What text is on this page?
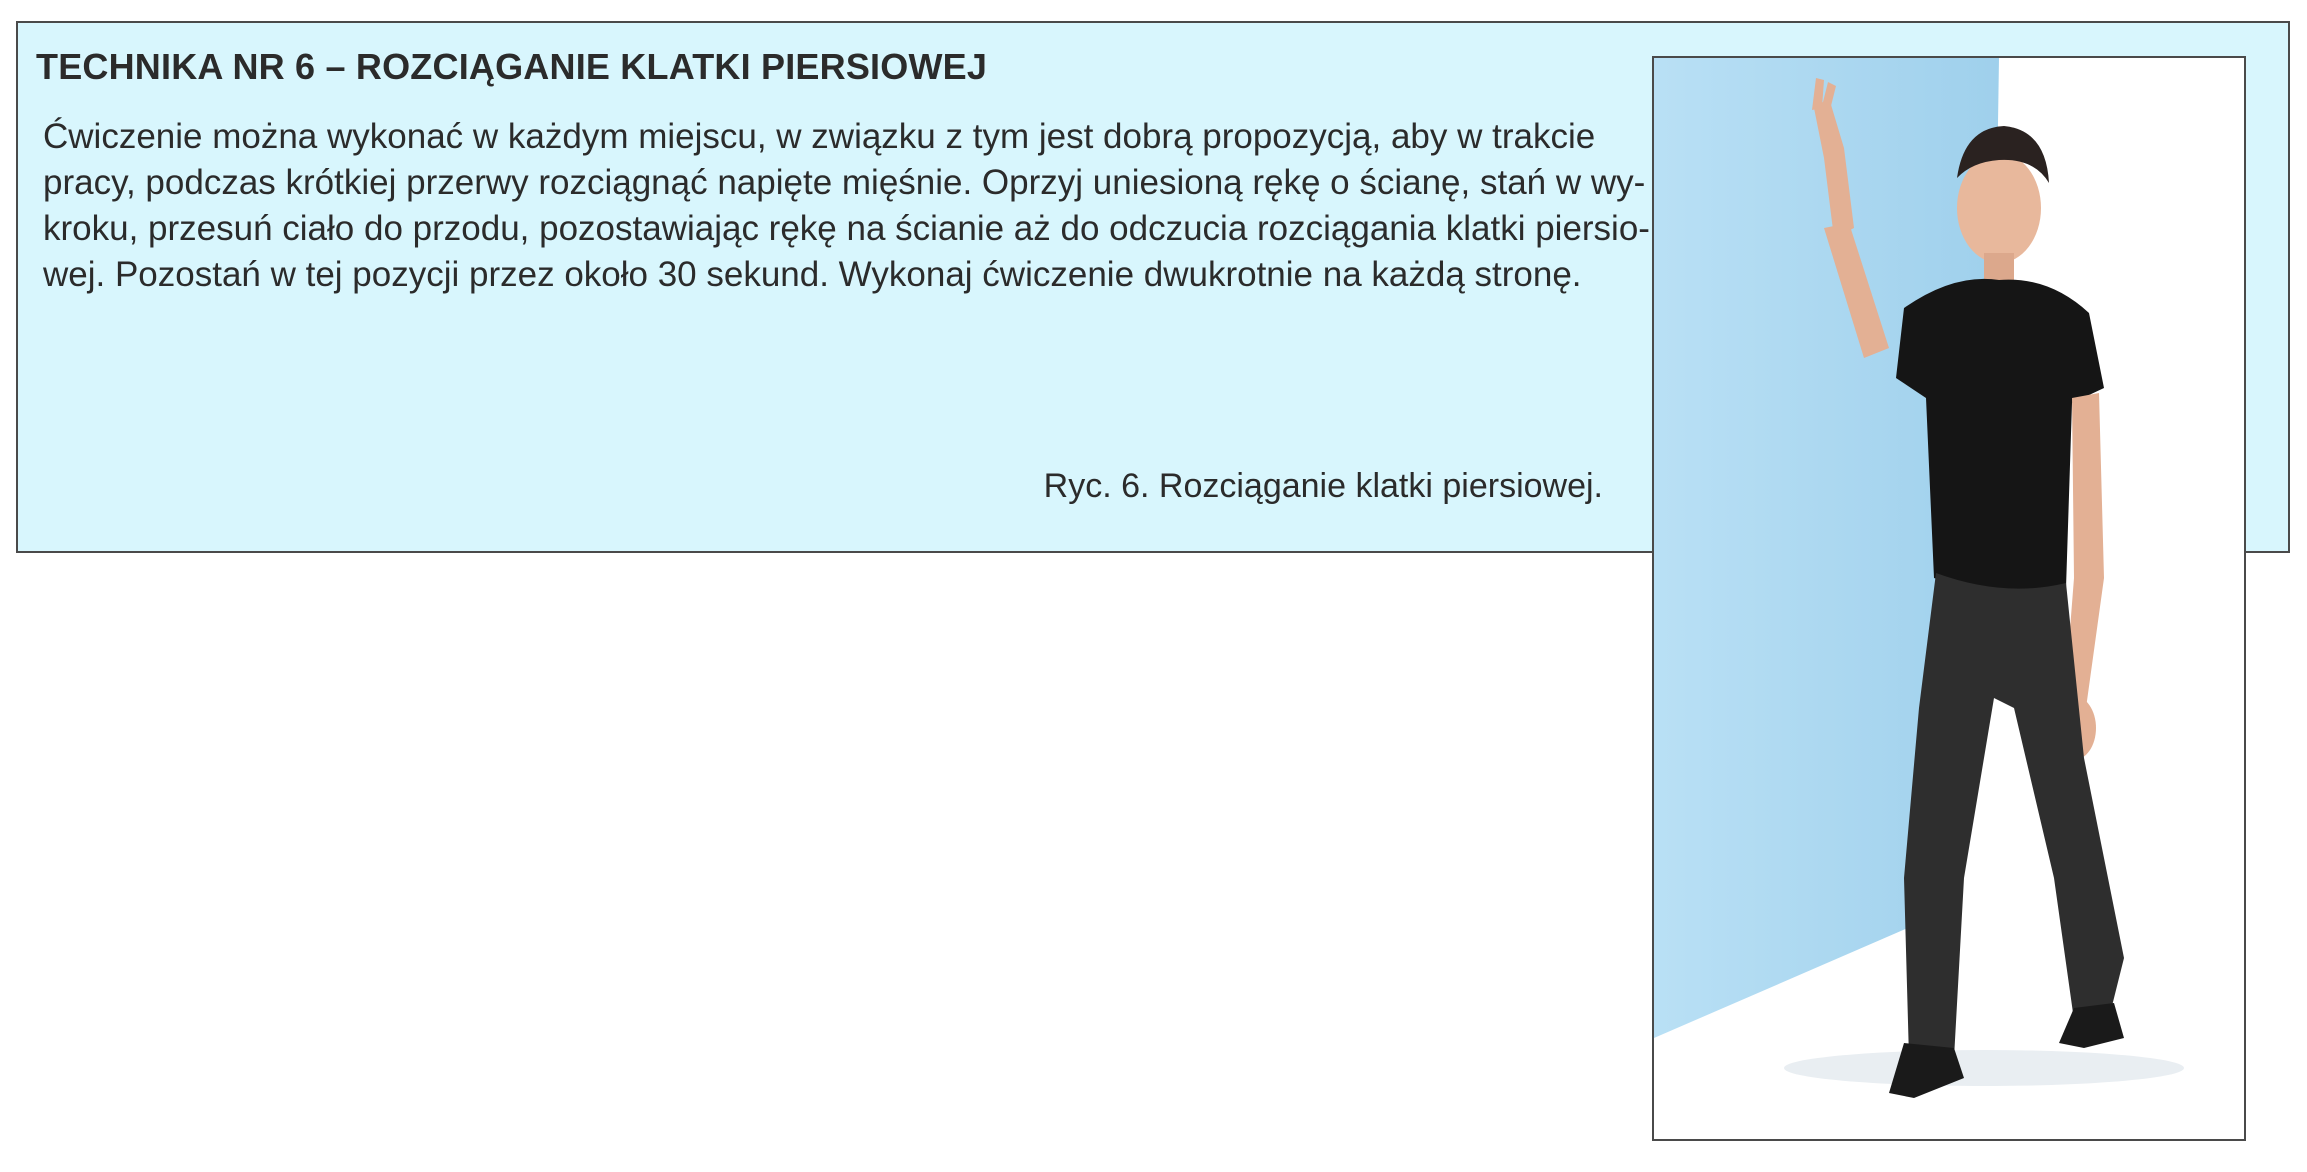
TECHNIKA NR 6 – ROZCIĄGANIE KLATKI PIERSIOWEJ
Ćwiczenie można wykonać w każdym miejscu, w związku z tym jest dobrą propozycją, aby w trakcie
pracy, podczas krótkiej przerwy rozciągnąć napięte mięśnie. Oprzyj uniesioną rękę o ścianę, stań w wy-
kroku, przesuń ciało do przodu, pozostawiając rękę na ścianie aż do odczucia rozciągania klatki piersio-
wej. Pozostań w tej pozycji przez około 30 sekund. Wykonaj ćwiczenie dwukrotnie na każdą stronę.
Ryc. 6. Rozciąganie klatki piersiowej.
